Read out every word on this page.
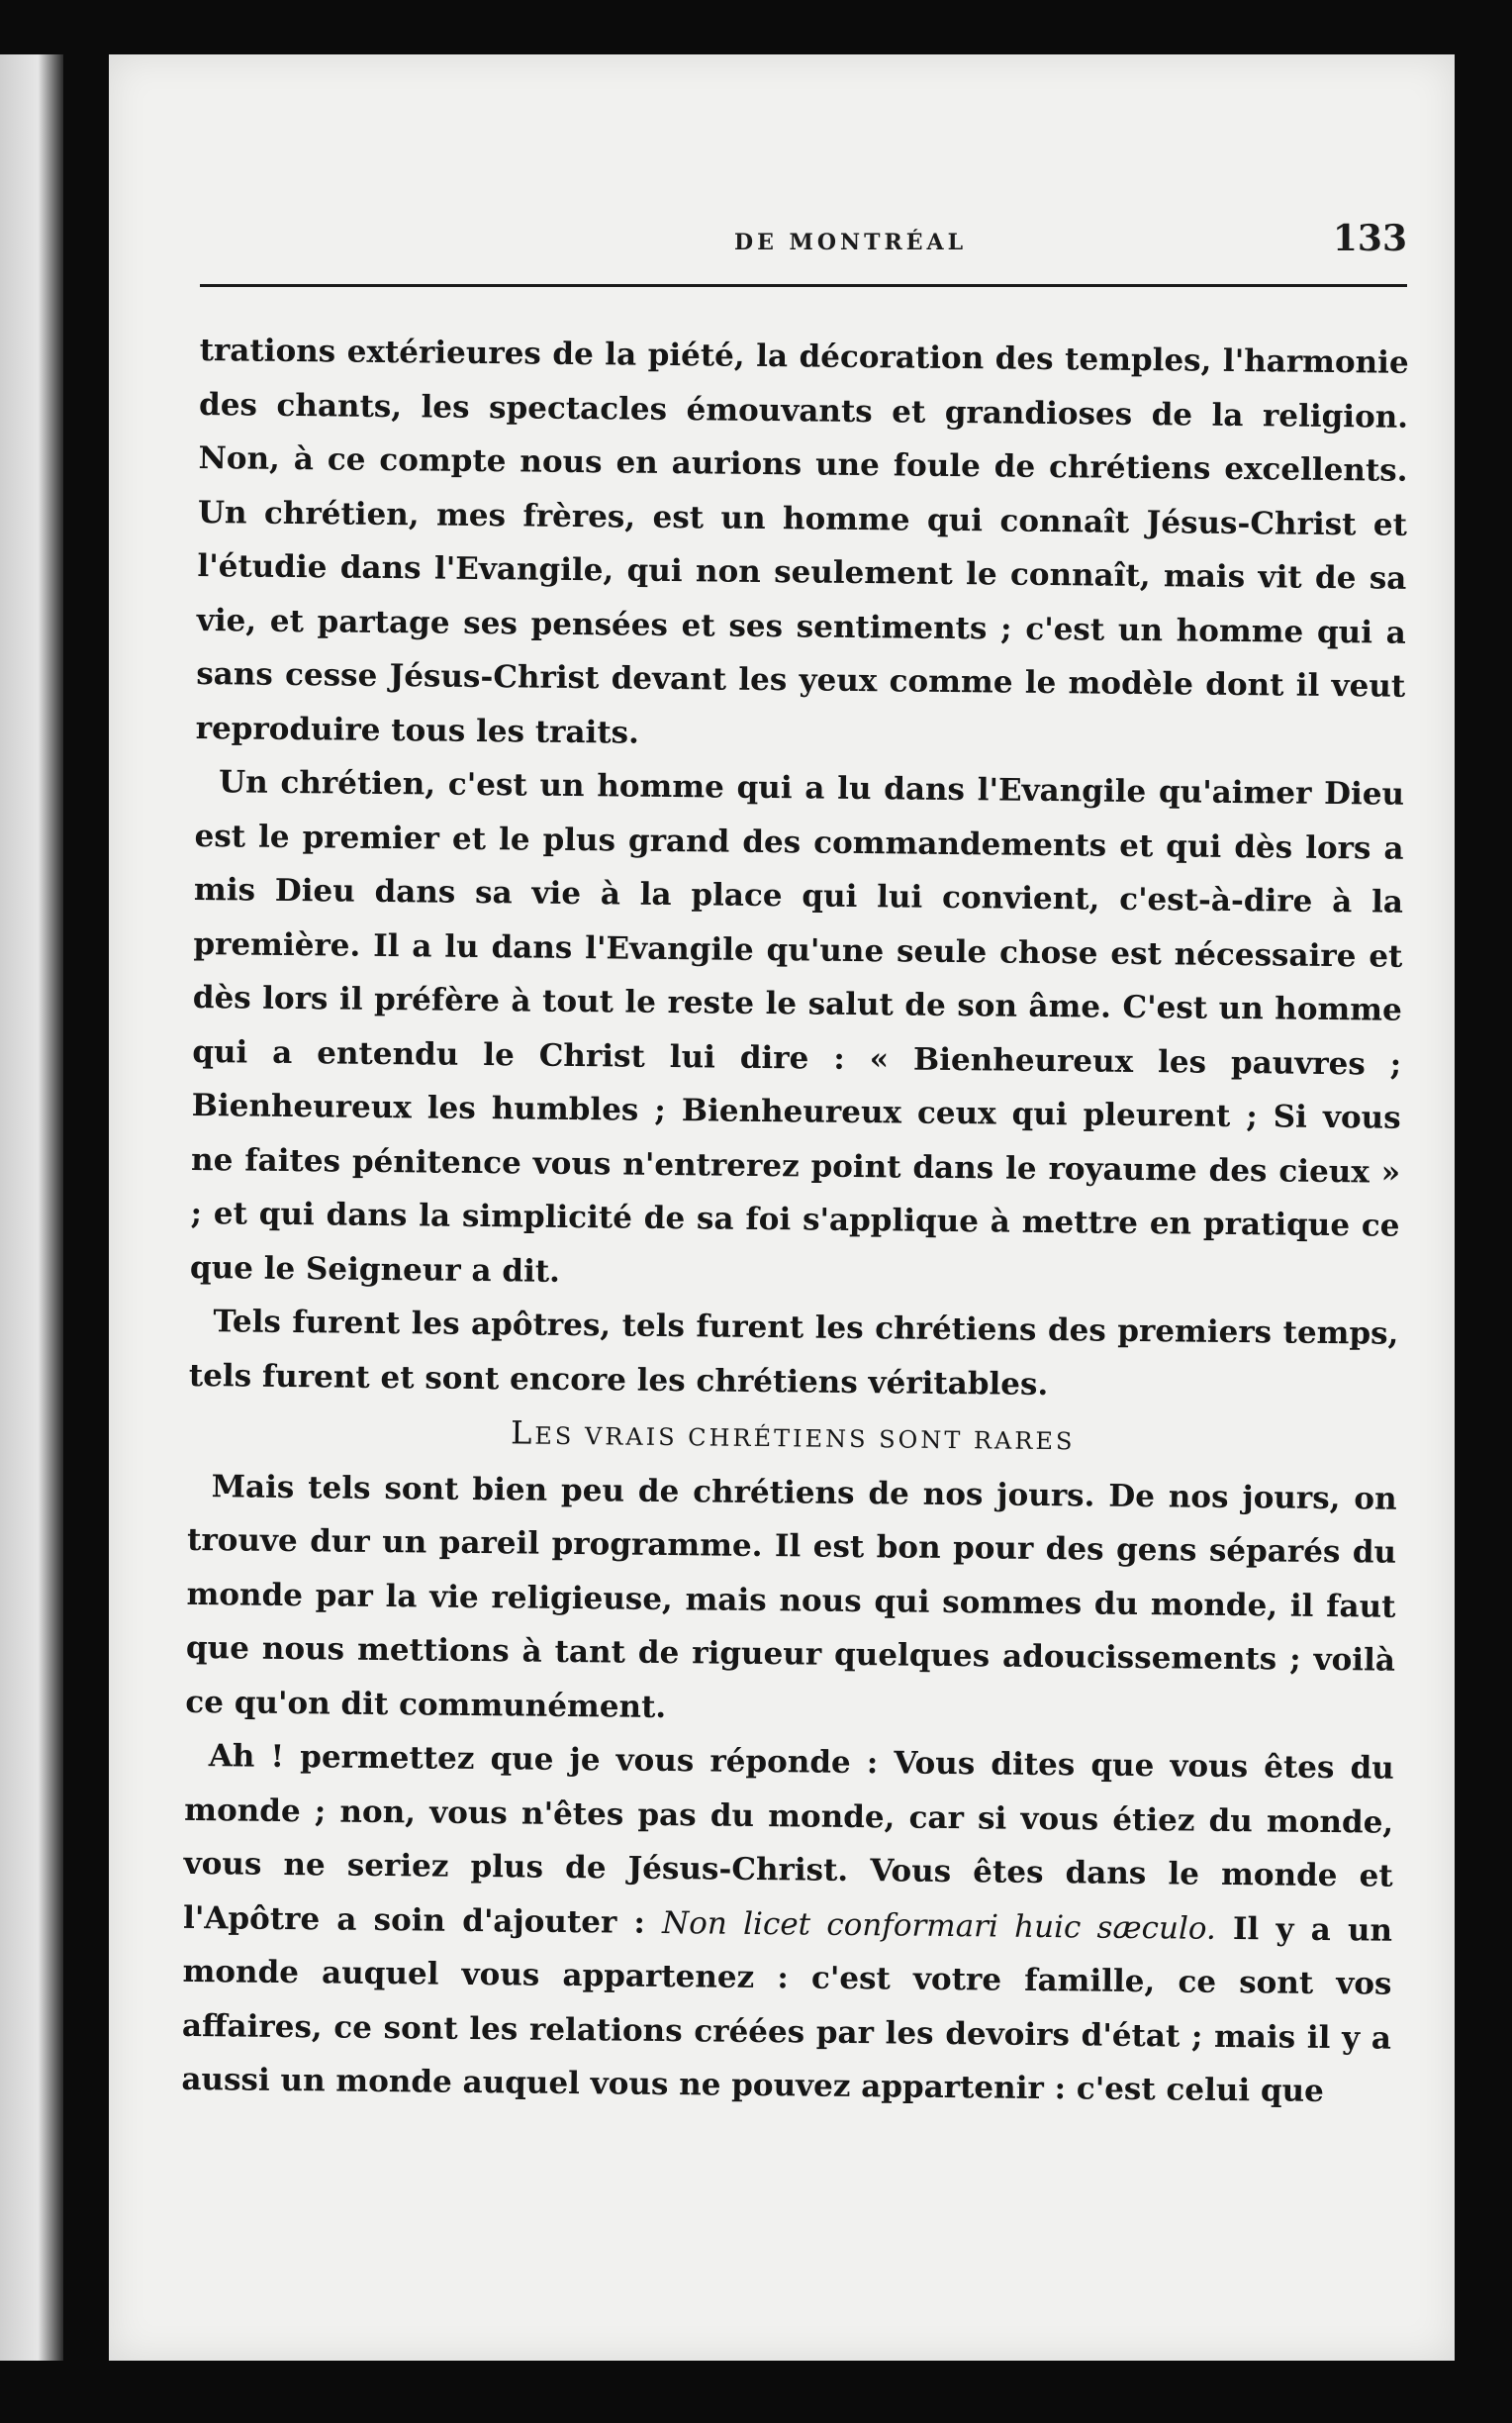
DE MONTRÉAL	133

trations extérieures de la piété, la décoration des temples, l'harmonie des chants, les spectacles émouvants et grandioses de la religion. Non, à ce compte nous en aurions une foule de chrétiens excellents. Un chrétien, mes frères, est un homme qui connaît Jésus-Christ et l'étudie dans l'Evangile, qui non seulement le connaît, mais vit de sa vie, et partage ses pensées et ses sentiments ; c'est un homme qui a sans cesse Jésus-Christ devant les yeux comme le modèle dont il veut reproduire tous les traits.

Un chrétien, c'est un homme qui a lu dans l'Evangile qu'aimer Dieu est le premier et le plus grand des commandements et qui dès lors a mis Dieu dans sa vie à la place qui lui convient, c'est-à-dire à la première. Il a lu dans l'Evangile qu'une seule chose est nécessaire et dès lors il préfère à tout le reste le salut de son âme. C'est un homme qui a entendu le Christ lui dire : « Bienheureux les pauvres ; Bienheureux les humbles ; Bienheureux ceux qui pleurent ; Si vous ne faites pénitence vous n'entrerez point dans le royaume des cieux » ; et qui dans la simplicité de sa foi s'applique à mettre en pratique ce que le Seigneur a dit.

Tels furent les apôtres, tels furent les chrétiens des premiers temps, tels furent et sont encore les chrétiens véritables.

LES VRAIS CHRÉTIENS SONT RARES

Mais tels sont bien peu de chrétiens de nos jours. De nos jours, on trouve dur un pareil programme. Il est bon pour des gens séparés du monde par la vie religieuse, mais nous qui sommes du monde, il faut que nous mettions à tant de rigueur quelques adoucissements ; voilà ce qu'on dit communément.

Ah ! permettez que je vous réponde : Vous dites que vous êtes du monde ; non, vous n'êtes pas du monde, car si vous étiez du monde, vous ne seriez plus de Jésus-Christ. Vous êtes dans le monde et l'Apôtre a soin d'ajouter : Non licet conformari huic sæculo. Il y a un monde auquel vous appartenez : c'est votre famille, ce sont vos affaires, ce sont les relations créées par les devoirs d'état ; mais il y a aussi un monde auquel vous ne pouvez appartenir : c'est celui que
